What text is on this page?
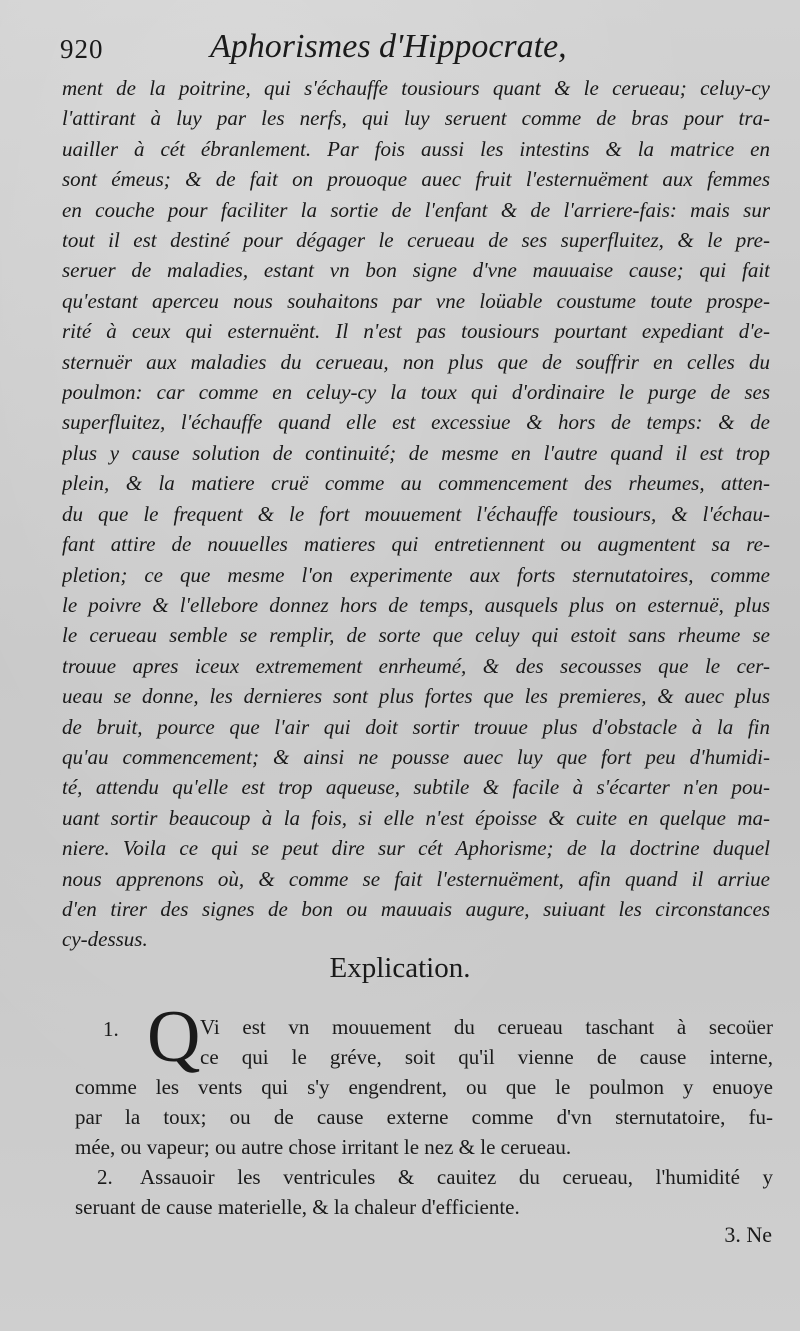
920	Aphorismes d'Hippocrate,
ment de la poitrine, qui s'échauffe tousiours quant & le cerueau; celuy-cy
l'attirant à luy par les nerfs, qui luy seruent comme de bras pour tra-
uailler à cét ébranlement. Par fois aussi les intestins & la matrice en
sont émeus; & de fait on prouoque auec fruit l'esternuëment aux femmes
en couche pour faciliter la sortie de l'enfant & de l'arriere-fais: mais sur
tout il est destiné pour dégager le cerueau de ses superfluitez, & le pre-
seruer de maladies, estant vn bon signe d'vne mauuaise cause; qui fait
qu'estant aperceu nous souhaitons par vne loüable coustume toute prospe-
rité à ceux qui esternuënt. Il n'est pas tousiours pourtant expediant d'e-
sternuër aux maladies du cerueau, non plus que de souffrir en celles du
poulmon: car comme en celuy-cy la toux qui d'ordinaire le purge de ses
superfluitez, l'échauffe quand elle est excessiue & hors de temps: & de
plus y cause solution de continuité; de mesme en l'autre quand il est trop
plein, & la matiere cruë comme au commencement des rheumes, atten-
du que le frequent & le fort mouuement l'échauffe tousiours, & l'échau-
fant attire de nouuelles matieres qui entretiennent ou augmentent sa re-
pletion; ce que mesme l'on experimente aux forts sternutatoires, comme
le poivre & l'ellebore donnez hors de temps, ausquels plus on esternuë, plus
le cerueau semble se remplir, de sorte que celuy qui estoit sans rheume se
trouue apres iceux extremement enrheumé, & des secousses que le cer-
ueau se donne, les dernieres sont plus fortes que les premieres, & auec plus
de bruit, pource que l'air qui doit sortir trouue plus d'obstacle à la fin
qu'au commencement; & ainsi ne pousse auec luy que fort peu d'humidi-
té, attendu qu'elle est trop aqueuse, subtile & facile à s'écarter n'en pou-
uant sortir beaucoup à la fois, si elle n'est époisse & cuite en quelque ma-
niere. Voila ce qui se peut dire sur cét Aphorisme; de la doctrine duquel
nous apprenons où, & comme se fait l'esternuëment, afin quand il arriue
d'en tirer des signes de bon ou mauuais augure, suiuant les circonstances
cy-dessus.
Explication.
1. Q Vi est vn mouuement du cerueau taschant à secoüer
ce qui le gréve, soit qu'il vienne de cause interne,
comme les vents qui s'y engendrent, ou que le poulmon y enuoye
par la toux; ou de cause externe comme d'vn sternutatoire, fu-
mée, ou vapeur; ou autre chose irritant le nez & le cerueau.
2. Assauoir les ventricules & cauitez du cerueau, l'humidité y
seruant de cause materielle, & la chaleur d'efficiente.
3. Ne
